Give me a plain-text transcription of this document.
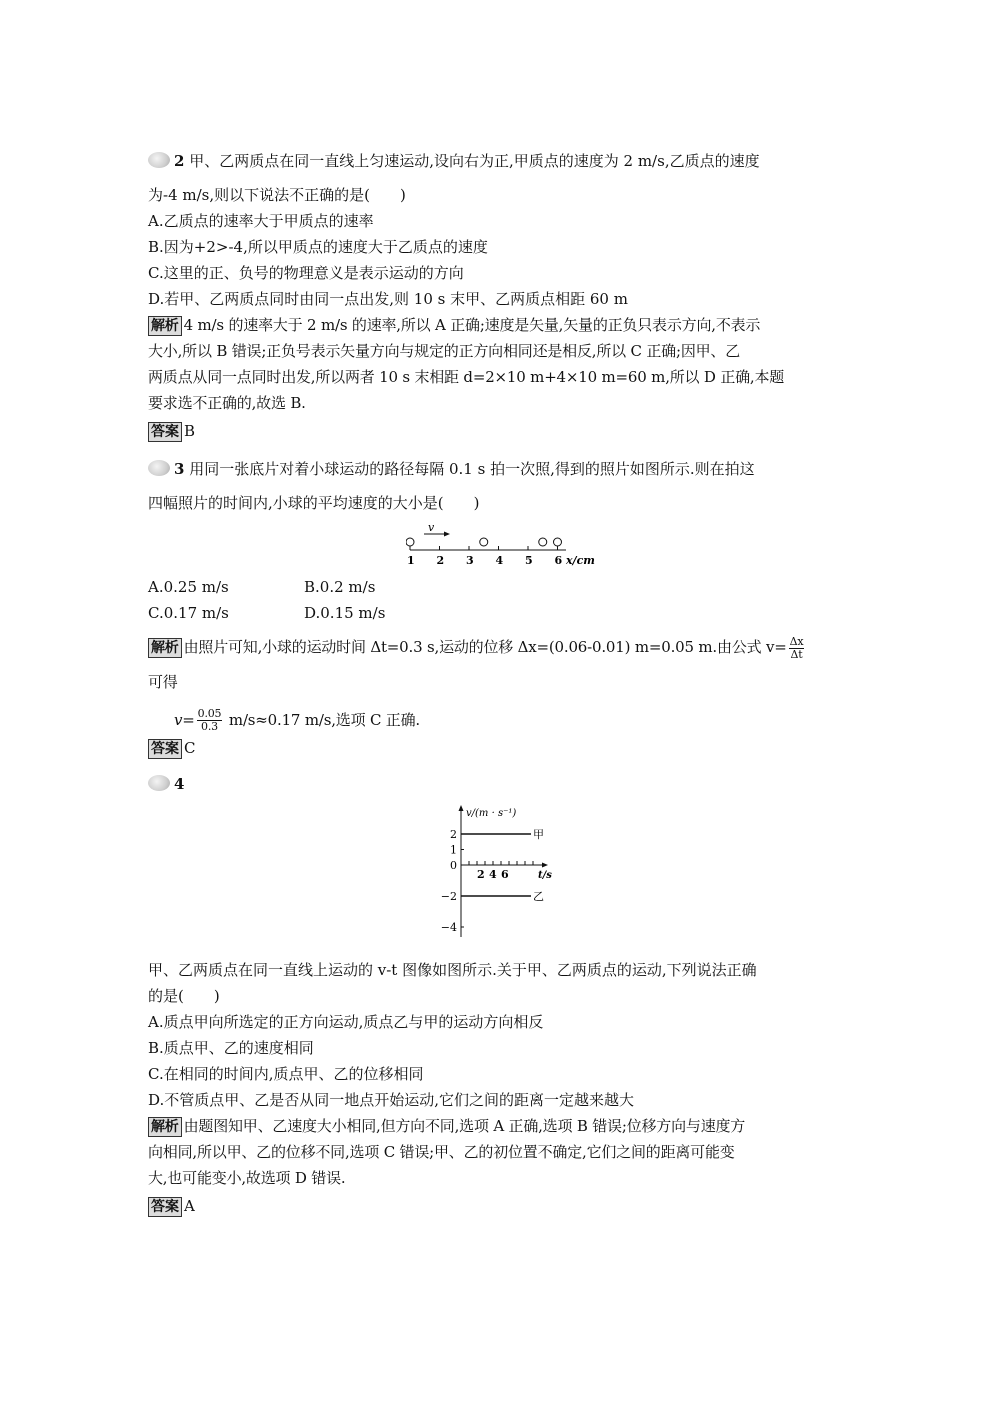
2 甲、乙两质点在同一直线上匀速运动,设向右为正,甲质点的速度为 2 m/s,乙质点的速度
为-4 m/s,则以下说法不正确的是(　　)
A.乙质点的速率大于甲质点的速率
B.因为+2>-4,所以甲质点的速度大于乙质点的速度
C.这里的正、负号的物理意义是表示运动的方向
D.若甲、乙两质点同时由同一点出发,则 10 s 末甲、乙两质点相距 60 m
解析 4 m/s 的速率大于 2 m/s 的速率,所以 A 正确;速度是矢量,矢量的正负只表示方向,不表示
大小,所以 B 错误;正负号表示矢量方向与规定的正方向相同还是相反,所以 C 正确;因甲、乙
两质点从同一点同时出发,所以两者 10 s 末相距 d=2×10 m+4×10 m=60 m,所以 D 正确,本题
要求选不正确的,故选 B.
答案 B
3 用同一张底片对着小球运动的路径每隔 0.1 s 拍一次照,得到的照片如图所示.则在拍这
四幅照片的时间内,小球的平均速度的大小是(　　)
v
1 2 3 4 5 6 x/cm
A.0.25 m/s	B.0.2 m/s
C.0.17 m/s	D.0.15 m/s
解析 由照片可知,小球的运动时间 Δt=0.3 s,运动的位移 Δx=(0.06-0.01) m=0.05 m.由公式 $v= \frac{\Delta x}{\Delta t}$
可得
$v= \frac{0.05}{0.3} m/s\approx 0.17$ m/s,选项 C 正确.
答案 C
4
v/(m · s⁻¹)
t/s
2
1
0
−2
−4
2 4 6
甲
乙
甲、乙两质点在同一直线上运动的 v-t 图像如图所示.关于甲、乙两质点的运动,下列说法正确
的是(　　)
A.质点甲向所选定的正方向运动,质点乙与甲的运动方向相反
B.质点甲、乙的速度相同
C.在相同的时间内,质点甲、乙的位移相同
D.不管质点甲、乙是否从同一地点开始运动,它们之间的距离一定越来越大
解析 由题图知甲、乙速度大小相同,但方向不同,选项 A 正确,选项 B 错误;位移方向与速度方
向相同,所以甲、乙的位移不同,选项 C 错误;甲、乙的初位置不确定,它们之间的距离可能变
大,也可能变小,故选项 D 错误.
答案 A
